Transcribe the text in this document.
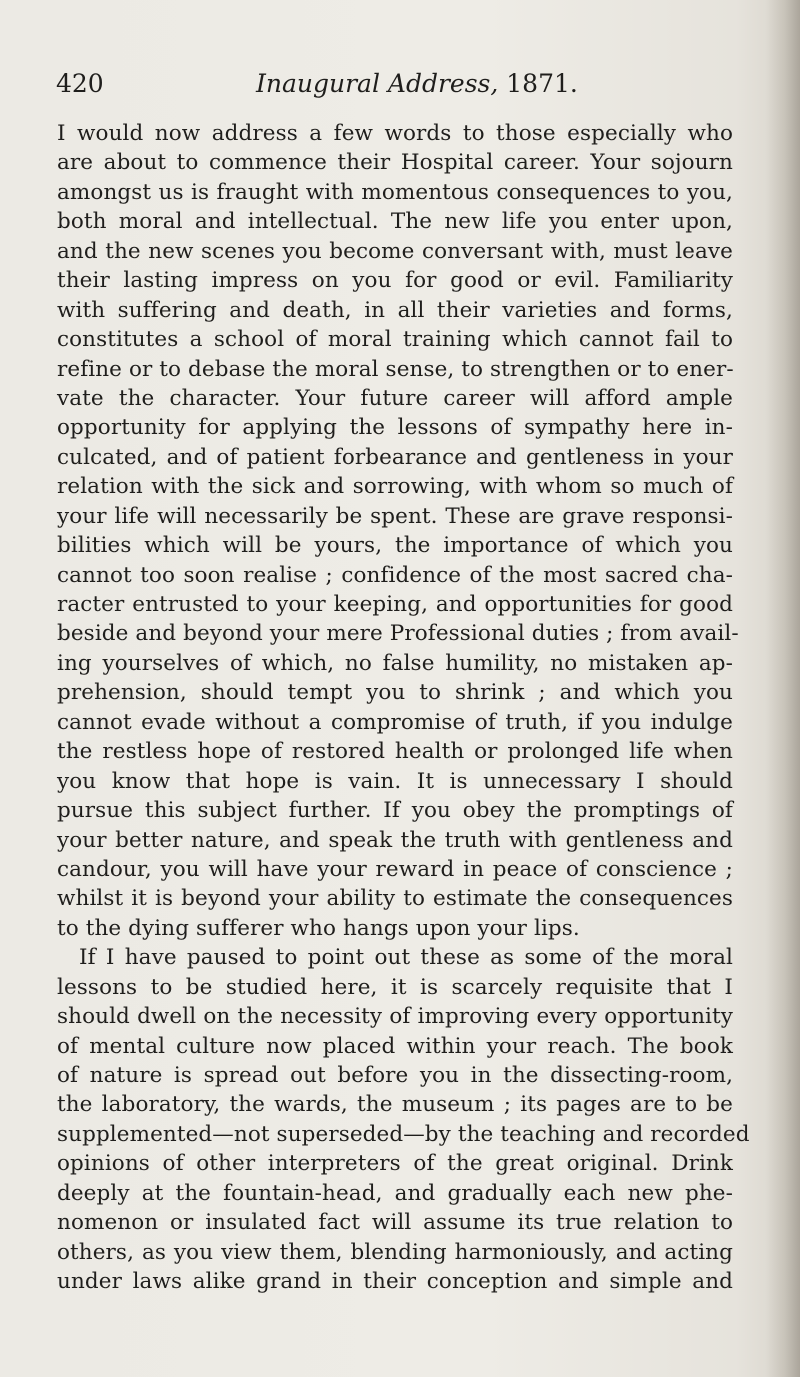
420	Inaugural Address, 1871.
I would now address a few words to those especially who
are about to commence their Hospital career. Your sojourn
amongst us is fraught with momentous consequences to you,
both moral and intellectual. The new life you enter upon,
and the new scenes you become conversant with, must leave
their lasting impress on you for good or evil. Familiarity
with suffering and death, in all their varieties and forms,
constitutes a school of moral training which cannot fail to
refine or to debase the moral sense, to strengthen or to ener-
vate the character. Your future career will afford ample
opportunity for applying the lessons of sympathy here in-
culcated, and of patient forbearance and gentleness in your
relation with the sick and sorrowing, with whom so much of
your life will necessarily be spent. These are grave responsi-
bilities which will be yours, the importance of which you
cannot too soon realise ; confidence of the most sacred cha-
racter entrusted to your keeping, and opportunities for good
beside and beyond your mere Professional duties ; from avail-
ing yourselves of which, no false humility, no mistaken ap-
prehension, should tempt you to shrink ; and which you
cannot evade without a compromise of truth, if you indulge
the restless hope of restored health or prolonged life when
you know that hope is vain. It is unnecessary I should
pursue this subject further. If you obey the promptings of
your better nature, and speak the truth with gentleness and
candour, you will have your reward in peace of conscience ;
whilst it is beyond your ability to estimate the consequences
to the dying sufferer who hangs upon your lips.
If I have paused to point out these as some of the moral
lessons to be studied here, it is scarcely requisite that I
should dwell on the necessity of improving every opportunity
of mental culture now placed within your reach. The book
of nature is spread out before you in the dissecting-room,
the laboratory, the wards, the museum ; its pages are to be
supplemented—not superseded—by the teaching and recorded
opinions of other interpreters of the great original. Drink
deeply at the fountain-head, and gradually each new phe-
nomenon or insulated fact will assume its true relation to
others, as you view them, blending harmoniously, and acting
under laws alike grand in their conception and simple and
